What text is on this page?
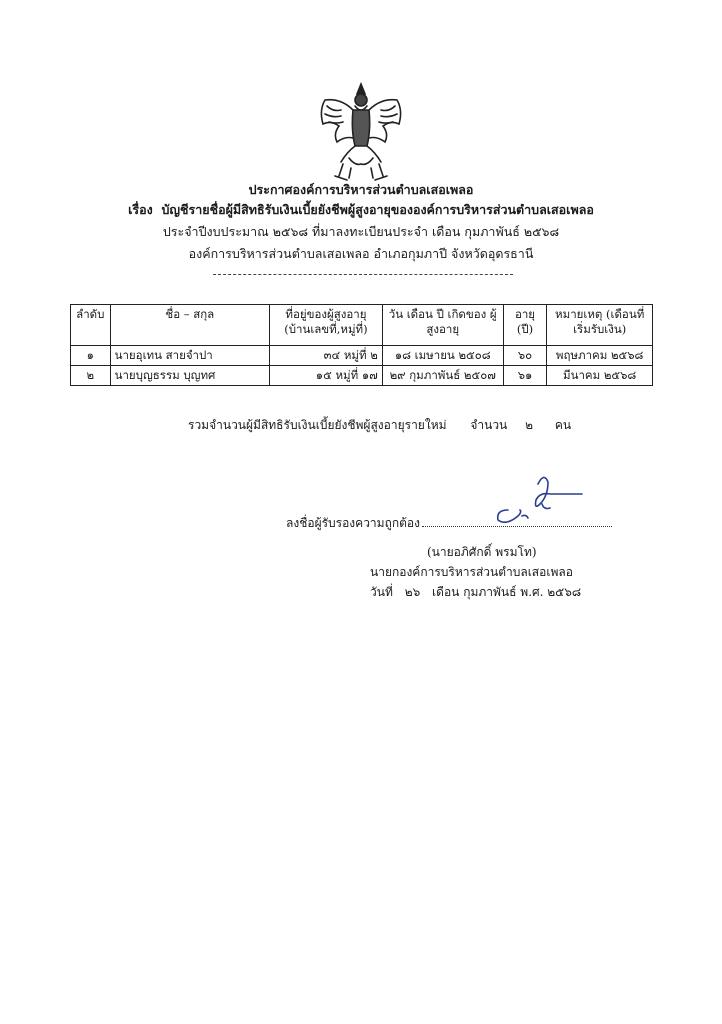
ประกาศองค์การบริหารส่วนตำบลเสอเพลอ
เรื่อง บัญชีรายชื่อผู้มีสิทธิรับเงินเบี้ยยังชีพผู้สูงอายุขององค์การบริหารส่วนตำบลเสอเพลอ
ประจำปีงบประมาณ ๒๕๖๘ ที่มาลงทะเบียนประจำ เดือน กุมภาพันธ์ ๒๕๖๘
องค์การบริหารส่วนตำบลเสอเพลอ อำเภอกุมภาปี จังหวัดอุดรธานี
ลำดับ	ชื่อ – สกุล	ที่อยู่ของผู้สูงอายุ (บ้านเลขที่,หมู่ที่)	วัน เดือน ปี เกิดของ ผู้สูงอายุ	อายุ (ปี)	หมายเหตุ (เดือนที่เริ่มรับเงิน)
๑	นายอุเทน สายจำปา	๓๔ หมู่ที่ ๒	๑๘ เมษายน ๒๕๐๘	๖๐	พฤษภาคม ๒๕๖๘
๒	นายบุญธรรม บุญทศ	๑๕ หมู่ที่ ๑๗	๒๙ กุมภาพันธ์ ๒๕๐๗	๖๑	มีนาคม ๒๕๖๘
รวมจำนวนผู้มีสิทธิรับเงินเบี้ยยังชีพผู้สูงอายุรายใหม่ จำนวน ๒ คน
ลงชื่อผู้รับรองความถูกต้อง
(นายอภิศักดิ์ พรมโท)
นายกองค์การบริหารส่วนตำบลเสอเพลอ
วันที่ ๒๖ เดือน กุมภาพันธ์ พ.ศ. ๒๕๖๘
